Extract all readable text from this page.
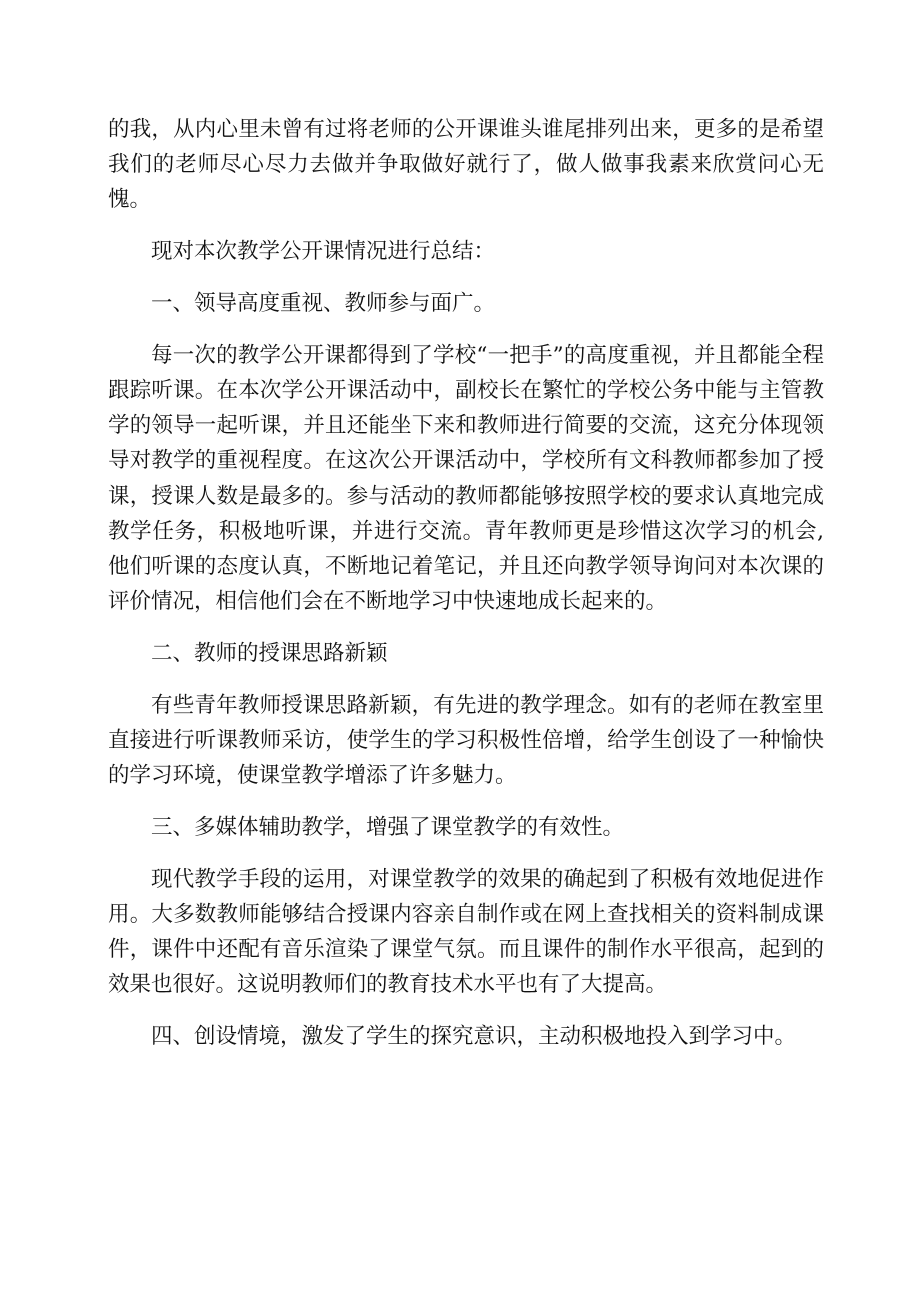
的我，从内心里未曾有过将老师的公开课谁头谁尾排列出来，更多的是希望我们的老师尽心尽力去做并争取做好就行了，做人做事我素来欣赏问心无愧。

现对本次教学公开课情况进行总结：

一、领导高度重视、教师参与面广。

每一次的教学公开课都得到了学校“一把手”的高度重视，并且都能全程跟踪听课。在本次学公开课活动中，副校长在繁忙的学校公务中能与主管教学的领导一起听课，并且还能坐下来和教师进行简要的交流，这充分体现领导对教学的重视程度。在这次公开课活动中，学校所有文科教师都参加了授课，授课人数是最多的。参与活动的教师都能够按照学校的要求认真地完成教学任务，积极地听课，并进行交流。青年教师更是珍惜这次学习的机会,他们听课的态度认真，不断地记着笔记，并且还向教学领导询问对本次课的评价情况，相信他们会在不断地学习中快速地成长起来的。

二、教师的授课思路新颖

有些青年教师授课思路新颖，有先进的教学理念。如有的老师在教室里直接进行听课教师采访，使学生的学习积极性倍增，给学生创设了一种愉快的学习环境，使课堂教学增添了许多魅力。

三、多媒体辅助教学，增强了课堂教学的有效性。

现代教学手段的运用，对课堂教学的效果的确起到了积极有效地促进作用。大多数教师能够结合授课内容亲自制作或在网上查找相关的资料制成课件，课件中还配有音乐渲染了课堂气氛。而且课件的制作水平很高，起到的效果也很好。这说明教师们的教育技术水平也有了大提高。

四、创设情境，激发了学生的探究意识，主动积极地投入到学习中。
